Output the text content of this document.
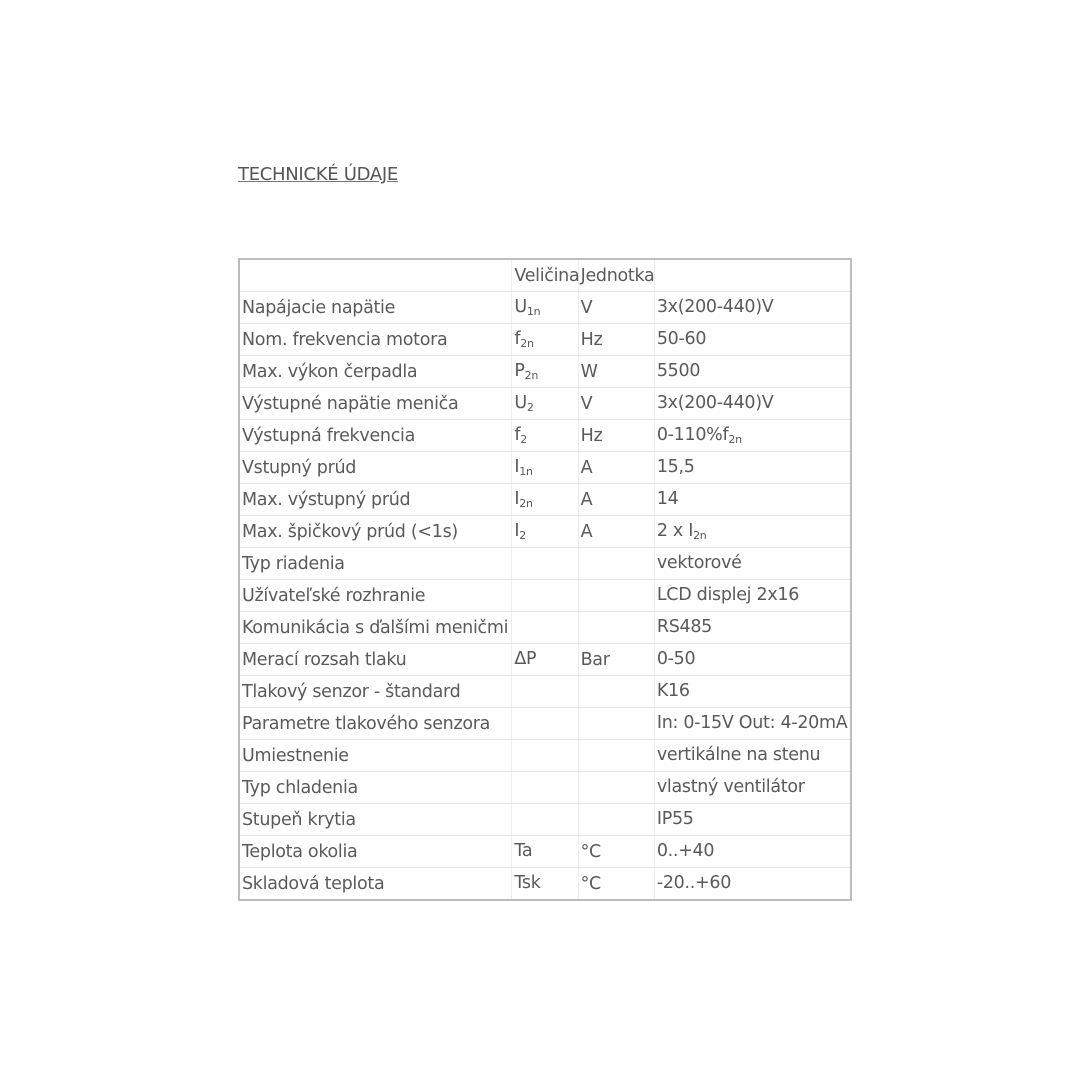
TECHNICKÉ ÚDAJE
	Veličina	Jednotka	
Napájacie napätie	$U_{1n}$	V	3x(200-440)V
Nom. frekvencia motora	$f_{2n}$	Hz	50-60
Max. výkon čerpadla	$P_{2n}$	W	5500
Výstupné napätie meniča	$U_2$	V	3x(200-440)V
Výstupná frekvencia	$f_2$	Hz	$0-110\%f_{2n}$
Vstupný prúd	$I_{1n}$	A	15,5
Max. výstupný prúd	$I_{2n}$	A	14
Max. špičkový prúd (<1s)	$I_2$	A	2 x $I_{2n}$
Typ riadenia			vektorové
Užívateľské rozhranie			LCD displej 2x16
Komunikácia s ďalšími meničmi			RS485
Merací rozsah tlaku	ΔP	Bar	0-50
Tlakový senzor - štandard			K16
Parametre tlakového senzora			In: 0-15V Out: 4-20mA
Umiestnenie			vertikálne na stenu
Typ chladenia			vlastný ventilátor
Stupeň krytia			IP55
Teplota okolia	Ta	°C	0..+40
Skladová teplota	Tsk	°C	-20..+60
